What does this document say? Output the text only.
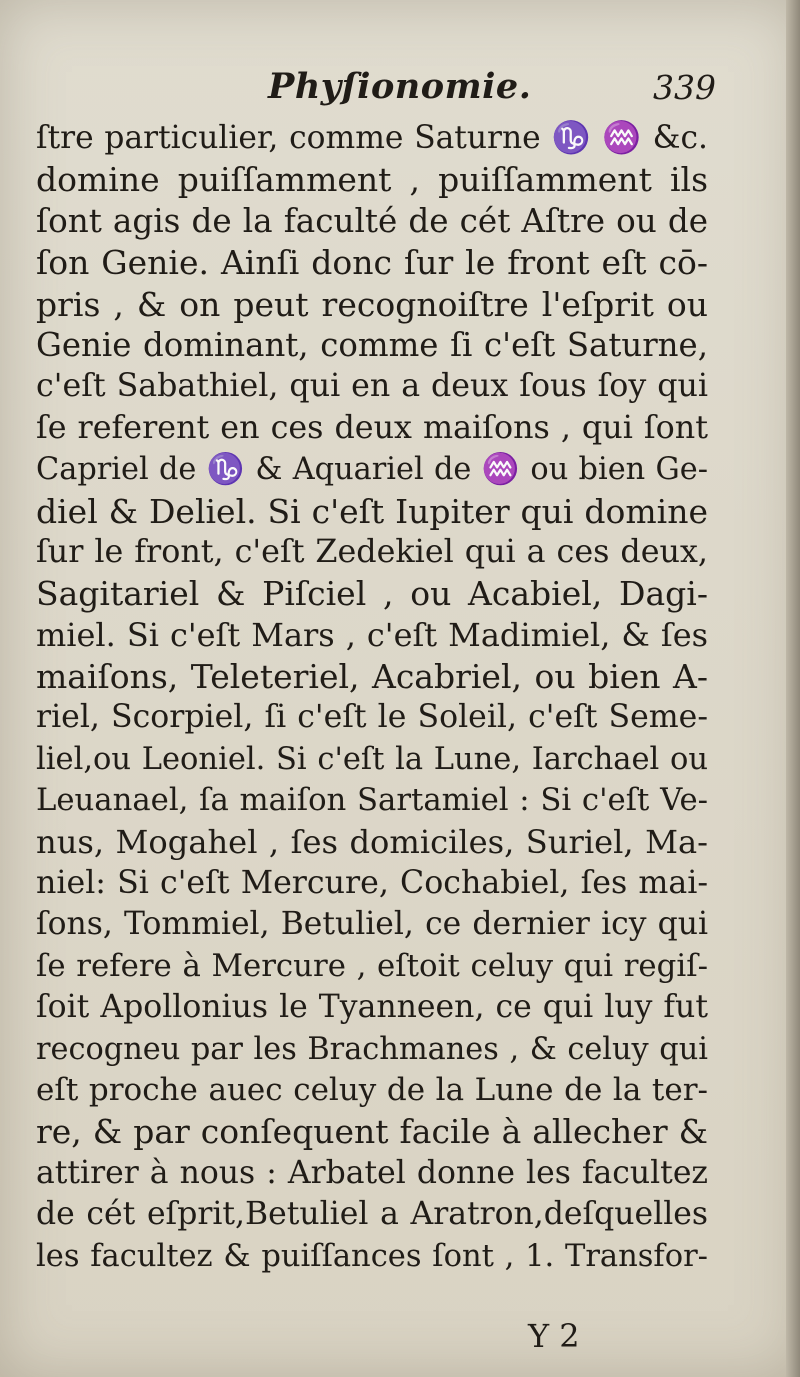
Phyſionomie.	339
ſtre particulier, comme Saturne ♑ ♒ &c.
domine puiſſamment , puiſſamment ils
ſont agis de la faculté de cét Aſtre ou de
ſon Genie. Ainſi donc ſur le front eſt cō-
pris , & on peut recognoiſtre l'eſprit ou
Genie dominant, comme ſi c'eſt Saturne,
c'eſt Sabathiel, qui en a deux ſous ſoy qui
ſe referent en ces deux maiſons , qui ſont
Capriel de ♑ & Aquariel de ♒ ou bien Ge-
diel & Deliel. Si c'eſt Iupiter qui domine
ſur le front, c'eſt Zedekiel qui a ces deux,
Sagitariel & Piſciel , ou Acabiel, Dagi-
miel. Si c'eſt Mars , c'eſt Madimiel, & ſes
maiſons, Teleteriel, Acabriel, ou bien A-
riel, Scorpiel, ſi c'eſt le Soleil, c'eſt Seme-
liel,ou Leoniel. Si c'eſt la Lune, Iarchael ou
Leuanael, ſa maiſon Sartamiel : Si c'eſt Ve-
nus, Mogahel , ſes domiciles, Suriel, Ma-
niel: Si c'eſt Mercure, Cochabiel, ſes mai-
ſons, Tommiel, Betuliel, ce dernier icy qui
ſe refere à Mercure , eſtoit celuy qui regiſ-
ſoit Apollonius le Tyanneen, ce qui luy fut
recogneu par les Brachmanes , & celuy qui
eſt proche auec celuy de la Lune de la ter-
re, & par conſequent facile à allecher &
attirer à nous : Arbatel donne les facultez
de cét eſprit,Betuliel a Aratron,deſquelles
les facultez & puiſſances ſont , 1. Transfor-
Y 2
